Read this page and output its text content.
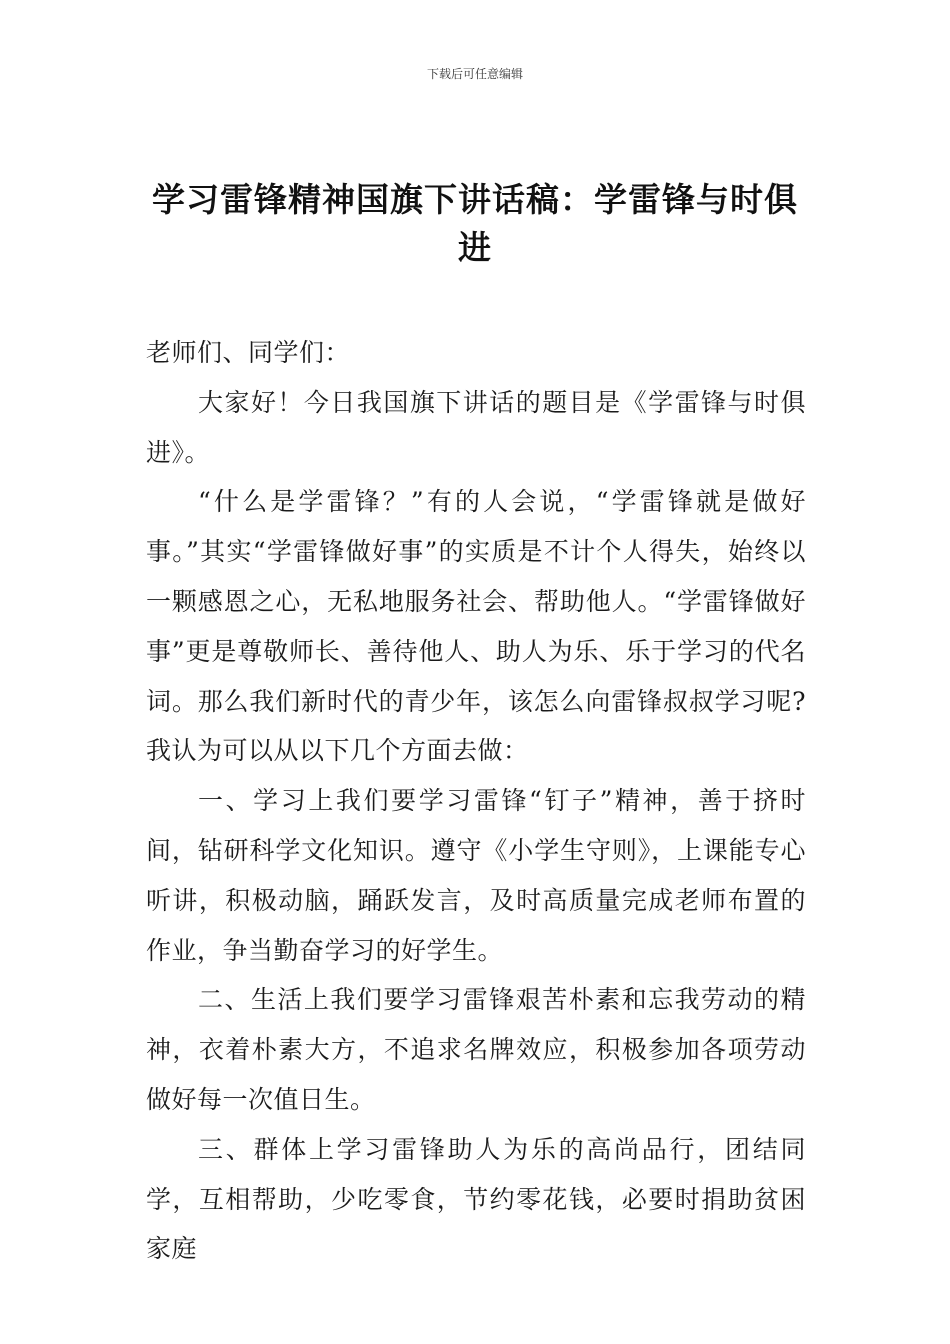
下载后可任意编辑
学习雷锋精神国旗下讲话稿：学雷锋与时俱进

老师们、同学们：

大家好！今日我国旗下讲话的题目是《学雷锋与时俱进》。

“什么是学雷锋？”有的人会说，“学雷锋就是做好事。”其实“学雷锋做好事”的实质是不计个人得失，始终以一颗感恩之心，无私地服务社会、帮助他人。“学雷锋做好事”更是尊敬师长、善待他人、助人为乐、乐于学习的代名词。那么我们新时代的青少年，该怎么向雷锋叔叔学习呢?我认为可以从以下几个方面去做：

一、学习上我们要学习雷锋“钉子”精神，善于挤时间，钻研科学文化知识。遵守《小学生守则》，上课能专心听讲，积极动脑，踊跃发言，及时高质量完成老师布置的作业，争当勤奋学习的好学生。

二、生活上我们要学习雷锋艰苦朴素和忘我劳动的精神，衣着朴素大方，不追求名牌效应，积极参加各项劳动做好每一次值日生。

三、群体上学习雷锋助人为乐的高尚品行，团结同学，互相帮助，少吃零食，节约零花钱，必要时捐助贫困家庭
